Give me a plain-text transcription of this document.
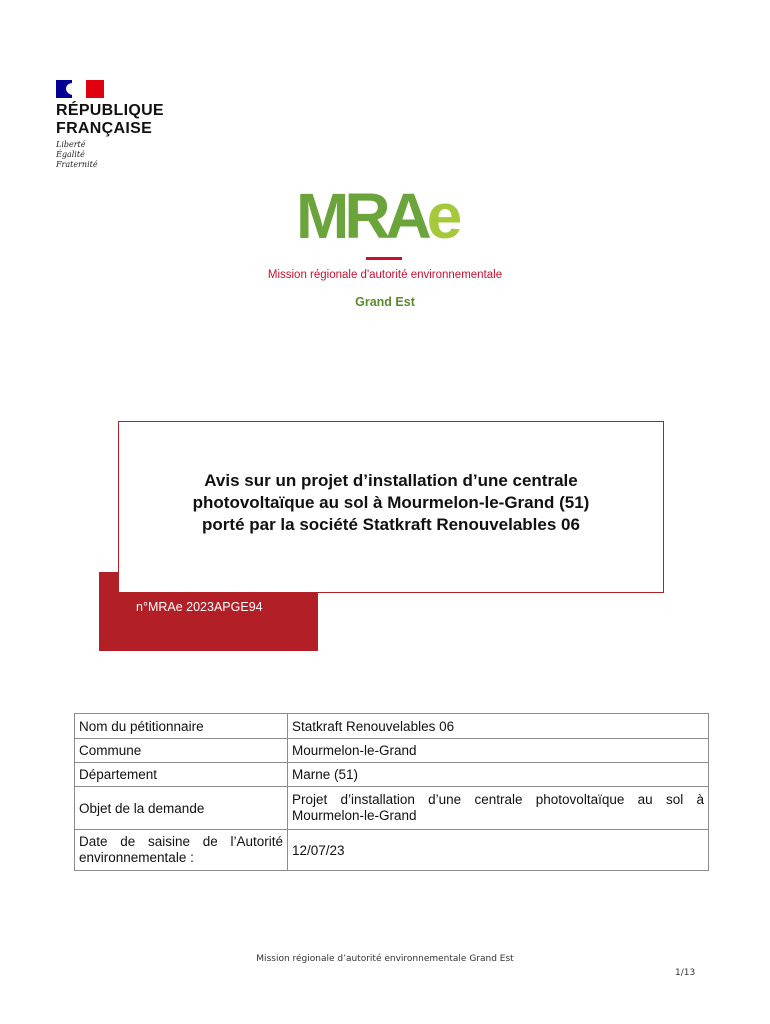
RÉPUBLIQUE
FRANÇAISE
Liberté
Égalité
Fraternité
MRAe
Mission régionale d'autorité environnementale
Grand Est
n°MRAe 2023APGE94
Avis sur un projet d’installation d’une centrale
photovoltaïque au sol à Mourmelon-le-Grand (51)
porté par la société Statkraft Renouvelables 06
Nom du pétitionnaire	Statkraft Renouvelables 06
Commune	Mourmelon-le-Grand
Département	Marne (51)
Objet de la demande	Projet d’installation d’une centrale photovoltaïque au sol à Mourmelon-le-Grand
Date de saisine de l’Autorité environnementale :	12/07/23
Mission régionale d’autorité environnementale Grand Est
1/13
